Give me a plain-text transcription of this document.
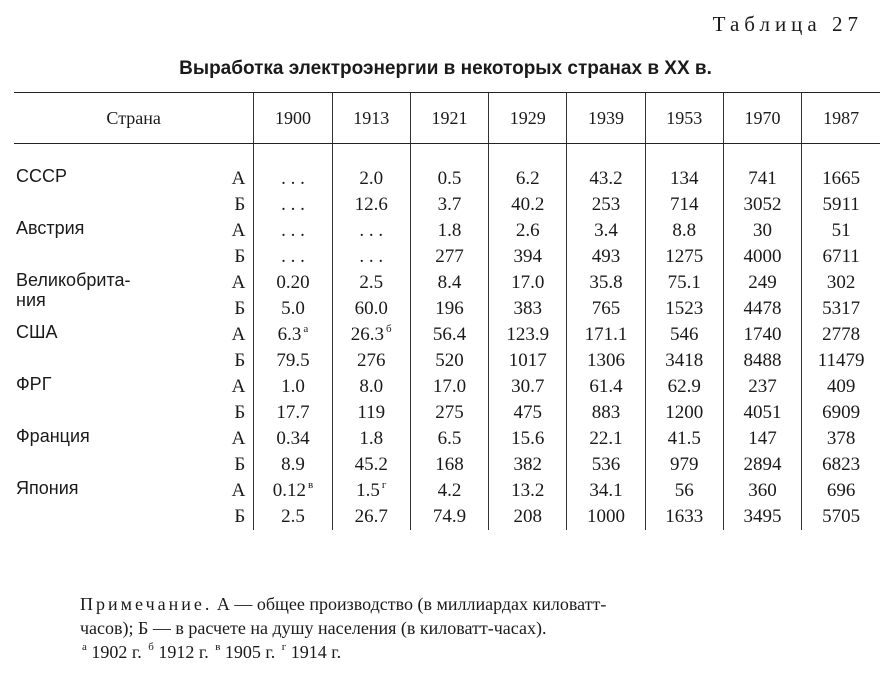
Таблица 27
Выработка электроэнергии в некоторых странах в XX в.
Страна		1900	1913	1921	1929	1939	1953	1970	1987

СССР	А	. . .	2.0	0.5	6.2	43.2	134	741	1665
	Б	. . .	12.6	3.7	40.2	253	714	3052	5911
Австрия	А	. . .	. . .	1.8	2.6	3.4	8.8	30	51
	Б	. . .	. . .	277	394	493	1275	4000	6711
Великобрита-
ния	А	0.20	2.5	8.4	17.0	35.8	75.1	249	302
	Б	5.0	60.0	196	383	765	1523	4478	5317
США	А	6.3 $^а$	26.3 $^б$	56.4	123.9	171.1	546	1740	2778
	Б	79.5	276	520	1017	1306	3418	8488	11479
ФРГ	А	1.0	8.0	17.0	30.7	61.4	62.9	237	409
	Б	17.7	119	275	475	883	1200	4051	6909
Франция	А	0.34	1.8	6.5	15.6	22.1	41.5	147	378
	Б	8.9	45.2	168	382	536	979	2894	6823
Япония	А	0.12 $^в$	1.5 $^г$	4.2	13.2	34.1	56	360	696
	Б	2.5	26.7	74.9	208	1000	1633	3495	5705
Примечание. А — общее производство (в миллиардах киловатт-
часов); Б — в расчете на душу населения (в киловатт-часах).
$^а$ 1902 г. $^б$ 1912 г. $^в$ 1905 г. $^г$ 1914 г.
